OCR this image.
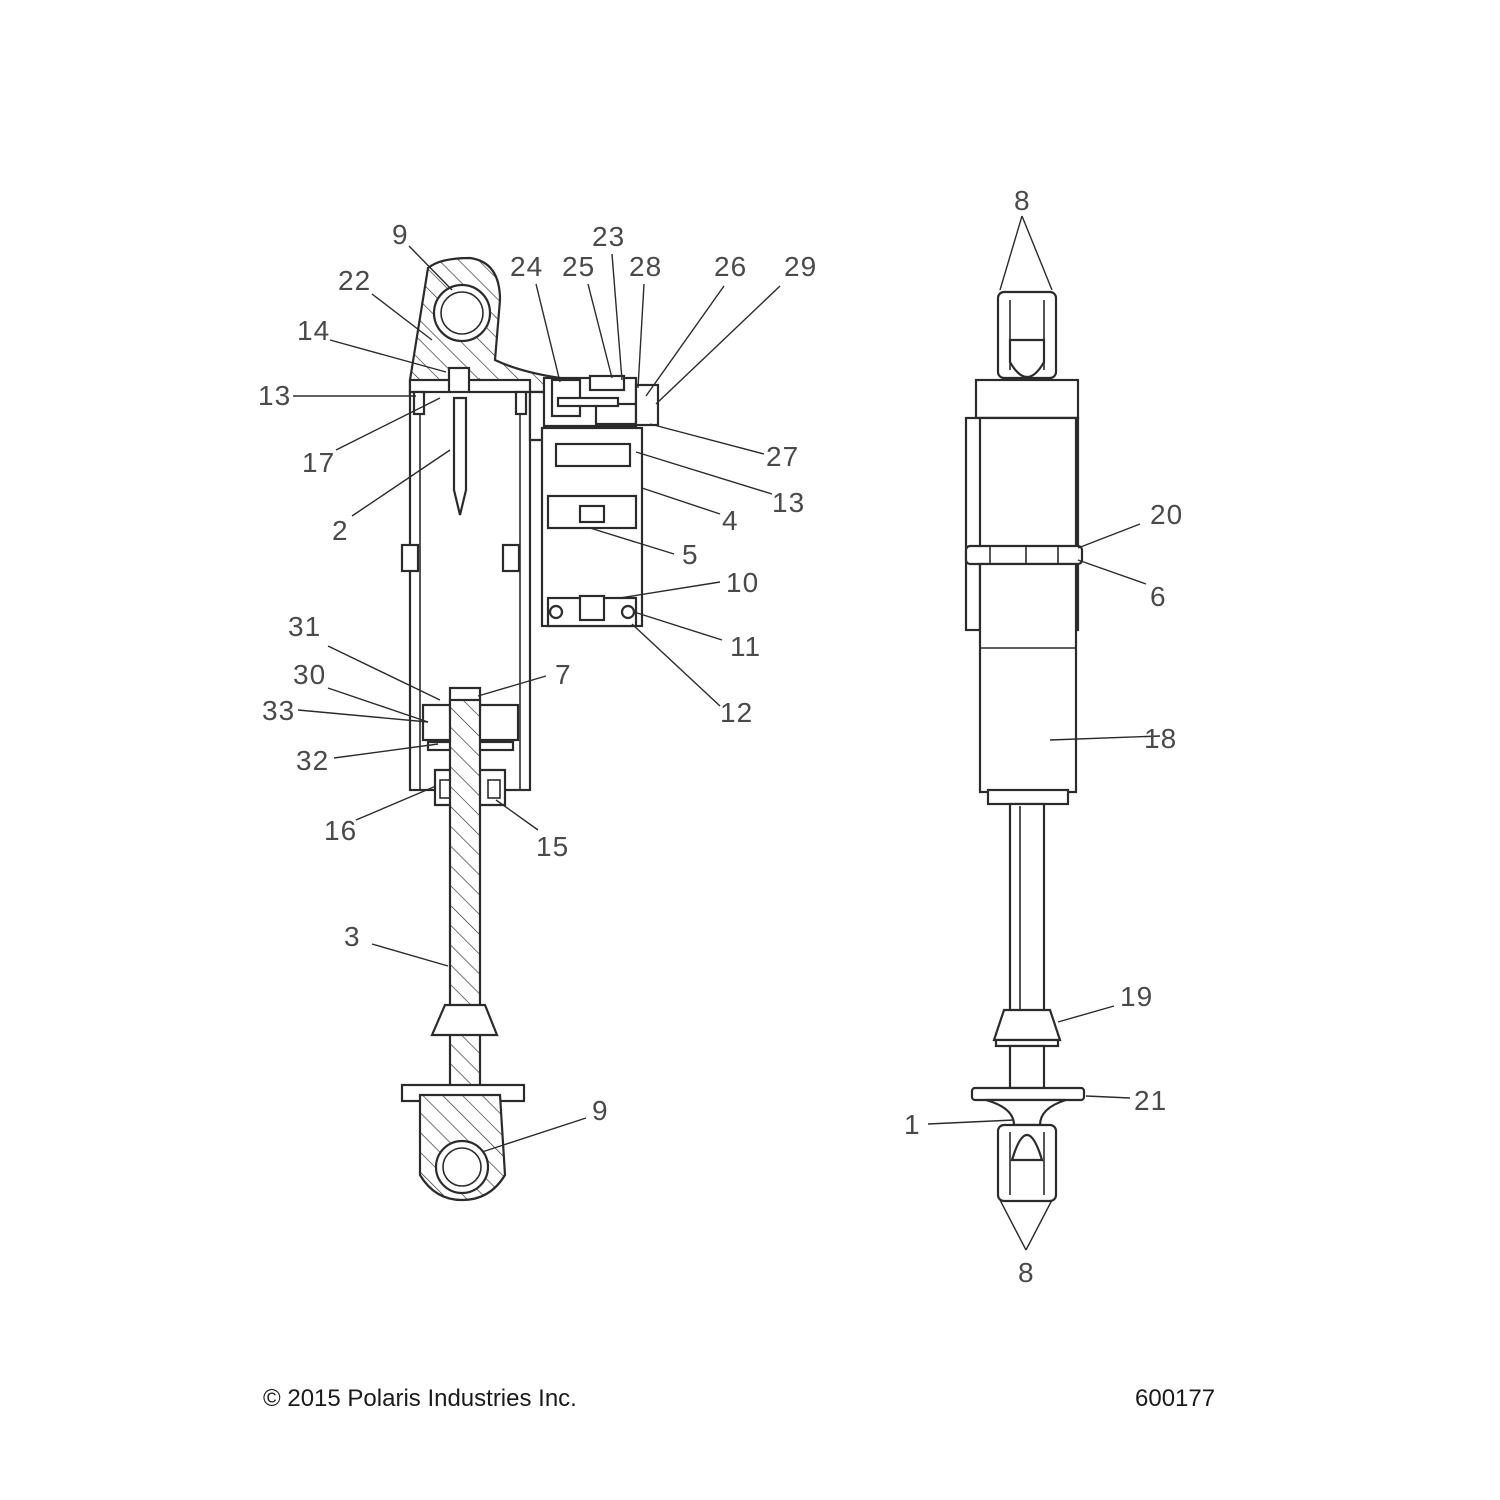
9
22
14
13
17
2
24 25
23
28 26 29
27
13
4
5
10
11
12
7
31
30
33
32
16
15
3
9
8
20
6
18
19
21
1
8
© 2015 Polaris Industries Inc.	600177
